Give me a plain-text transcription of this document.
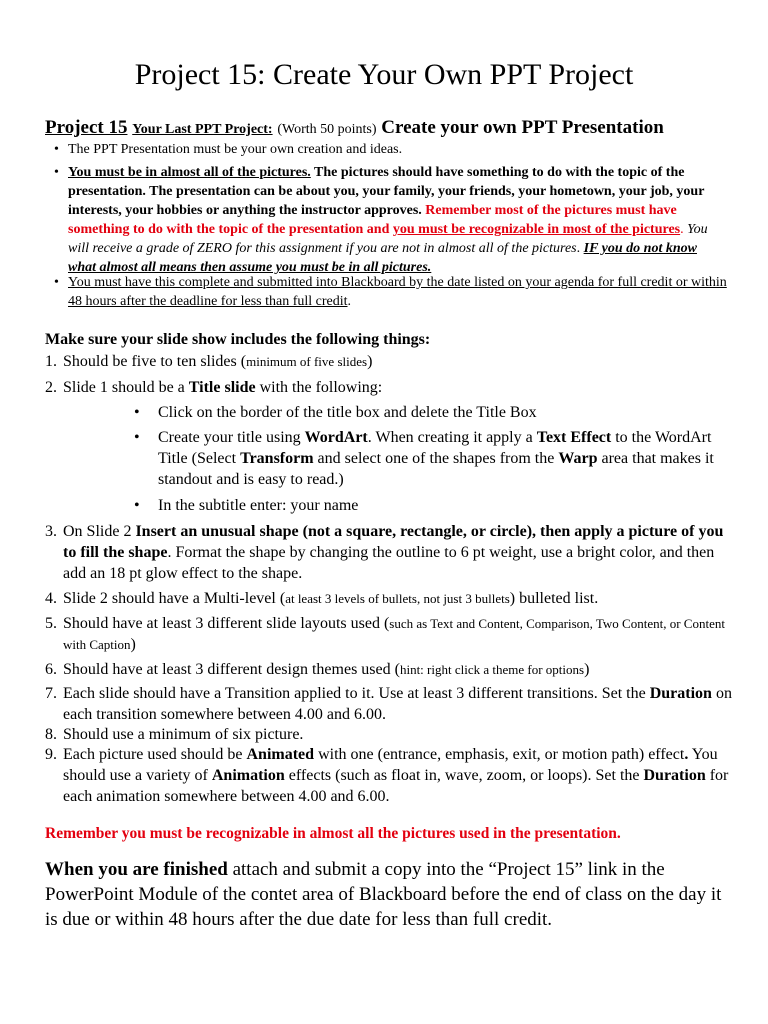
Project 15: Create Your Own PPT Project
Project 15 Your Last PPT Project: (Worth 50 points) Create your own PPT Presentation
• The PPT Presentation must be your own creation and ideas.
• You must be in almost all of the pictures. The pictures should have something to do with the topic of the presentation. The presentation can be about you, your family, your friends, your hometown, your job, your interests, your hobbies or anything the instructor approves. Remember most of the pictures must have something to do with the topic of the presentation and you must be recognizable in most of the pictures. You will receive a grade of ZERO for this assignment if you are not in almost all of the pictures. IF you do not know what almost all means then assume you must be in all pictures.
• You must have this complete and submitted into Blackboard by the date listed on your agenda for full credit or within 48 hours after the deadline for less than full credit.
Make sure your slide show includes the following things:
1. Should be five to ten slides (minimum of five slides)
2. Slide 1 should be a Title slide with the following:
• Click on the border of the title box and delete the Title Box
• Create your title using WordArt. When creating it apply a Text Effect to the WordArt Title (Select Transform and select one of the shapes from the Warp area that makes it standout and is easy to read.)
• In the subtitle enter: your name
3. On Slide 2 Insert an unusual shape (not a square, rectangle, or circle), then apply a picture of you to fill the shape. Format the shape by changing the outline to 6 pt weight, use a bright color, and then add an 18 pt glow effect to the shape.
4. Slide 2 should have a Multi-level (at least 3 levels of bullets, not just 3 bullets) bulleted list.
5. Should have at least 3 different slide layouts used (such as Text and Content, Comparison, Two Content, or Content with Caption)
6. Should have at least 3 different design themes used (hint: right click a theme for options)
7. Each slide should have a Transition applied to it. Use at least 3 different transitions. Set the Duration on each transition somewhere between 4.00 and 6.00.
8. Should use a minimum of six picture.
9. Each picture used should be Animated with one (entrance, emphasis, exit, or motion path) effect. You should use a variety of Animation effects (such as float in, wave, zoom, or loops). Set the Duration for each animation somewhere between 4.00 and 6.00.
Remember you must be recognizable in almost all the pictures used in the presentation.
When you are finished attach and submit a copy into the “Project 15” link in the PowerPoint Module of the contet area of Blackboard before the end of class on the day it is due or within 48 hours after the due date for less than full credit.
